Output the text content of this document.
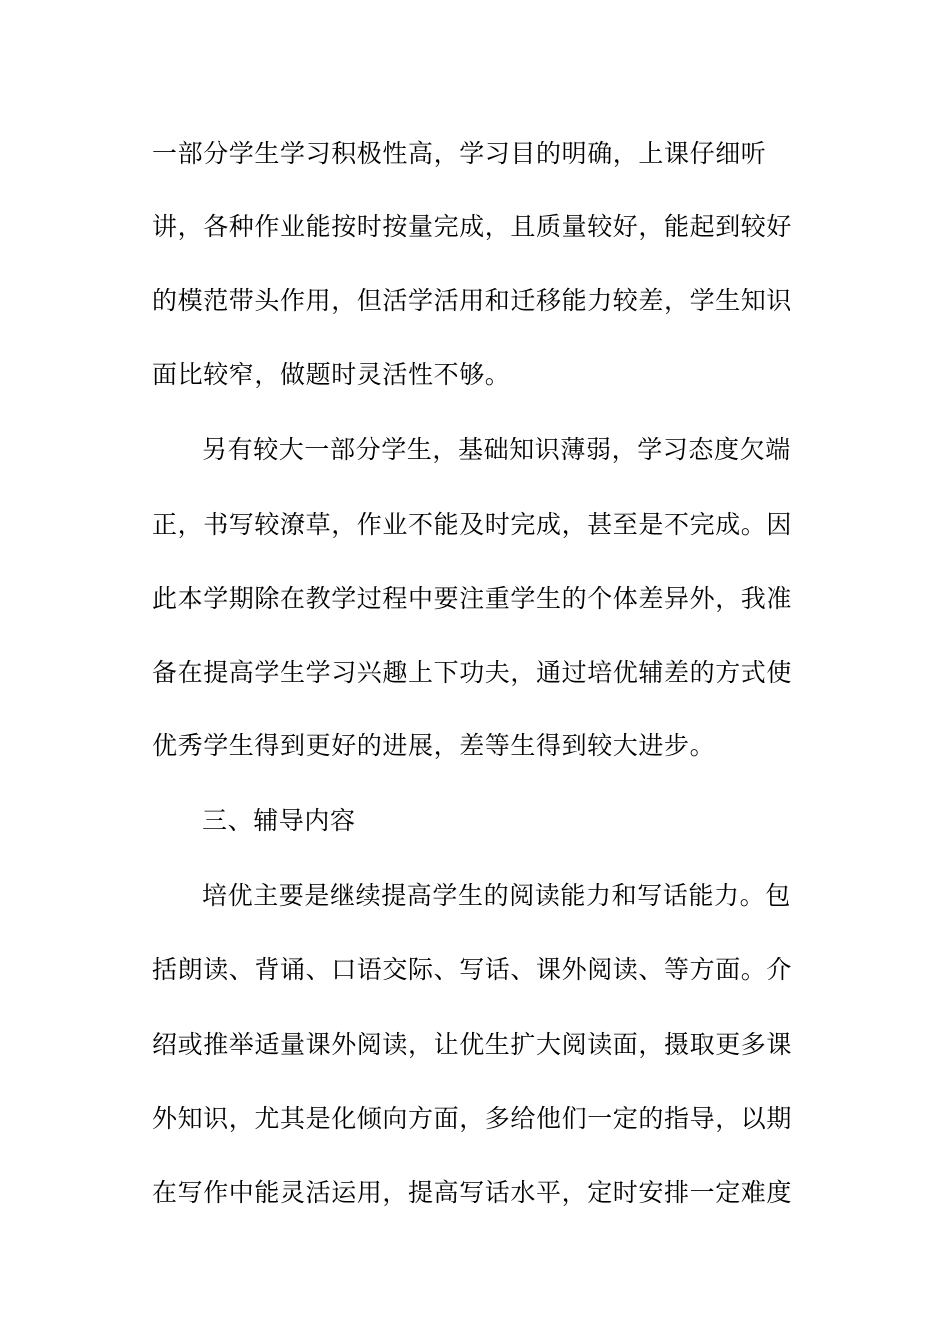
一部分学生学习积极性高，学习目的明确，上课仔细听
讲，各种作业能按时按量完成，且质量较好，能起到较好
的模范带头作用，但活学活用和迁移能力较差，学生知识
面比较窄，做题时灵活性不够。
另有较大一部分学生，基础知识薄弱，学习态度欠端
正，书写较潦草，作业不能及时完成，甚至是不完成。因
此本学期除在教学过程中要注重学生的个体差异外，我准
备在提高学生学习兴趣上下功夫，通过培优辅差的方式使
优秀学生得到更好的进展，差等生得到较大进步。
三、辅导内容
培优主要是继续提高学生的阅读能力和写话能力。包
括朗读、背诵、口语交际、写话、课外阅读、等方面。介
绍或推举适量课外阅读，让优生扩大阅读面，摄取更多课
外知识，尤其是化倾向方面，多给他们一定的指导，以期
在写作中能灵活运用，提高写话水平，定时安排一定难度
